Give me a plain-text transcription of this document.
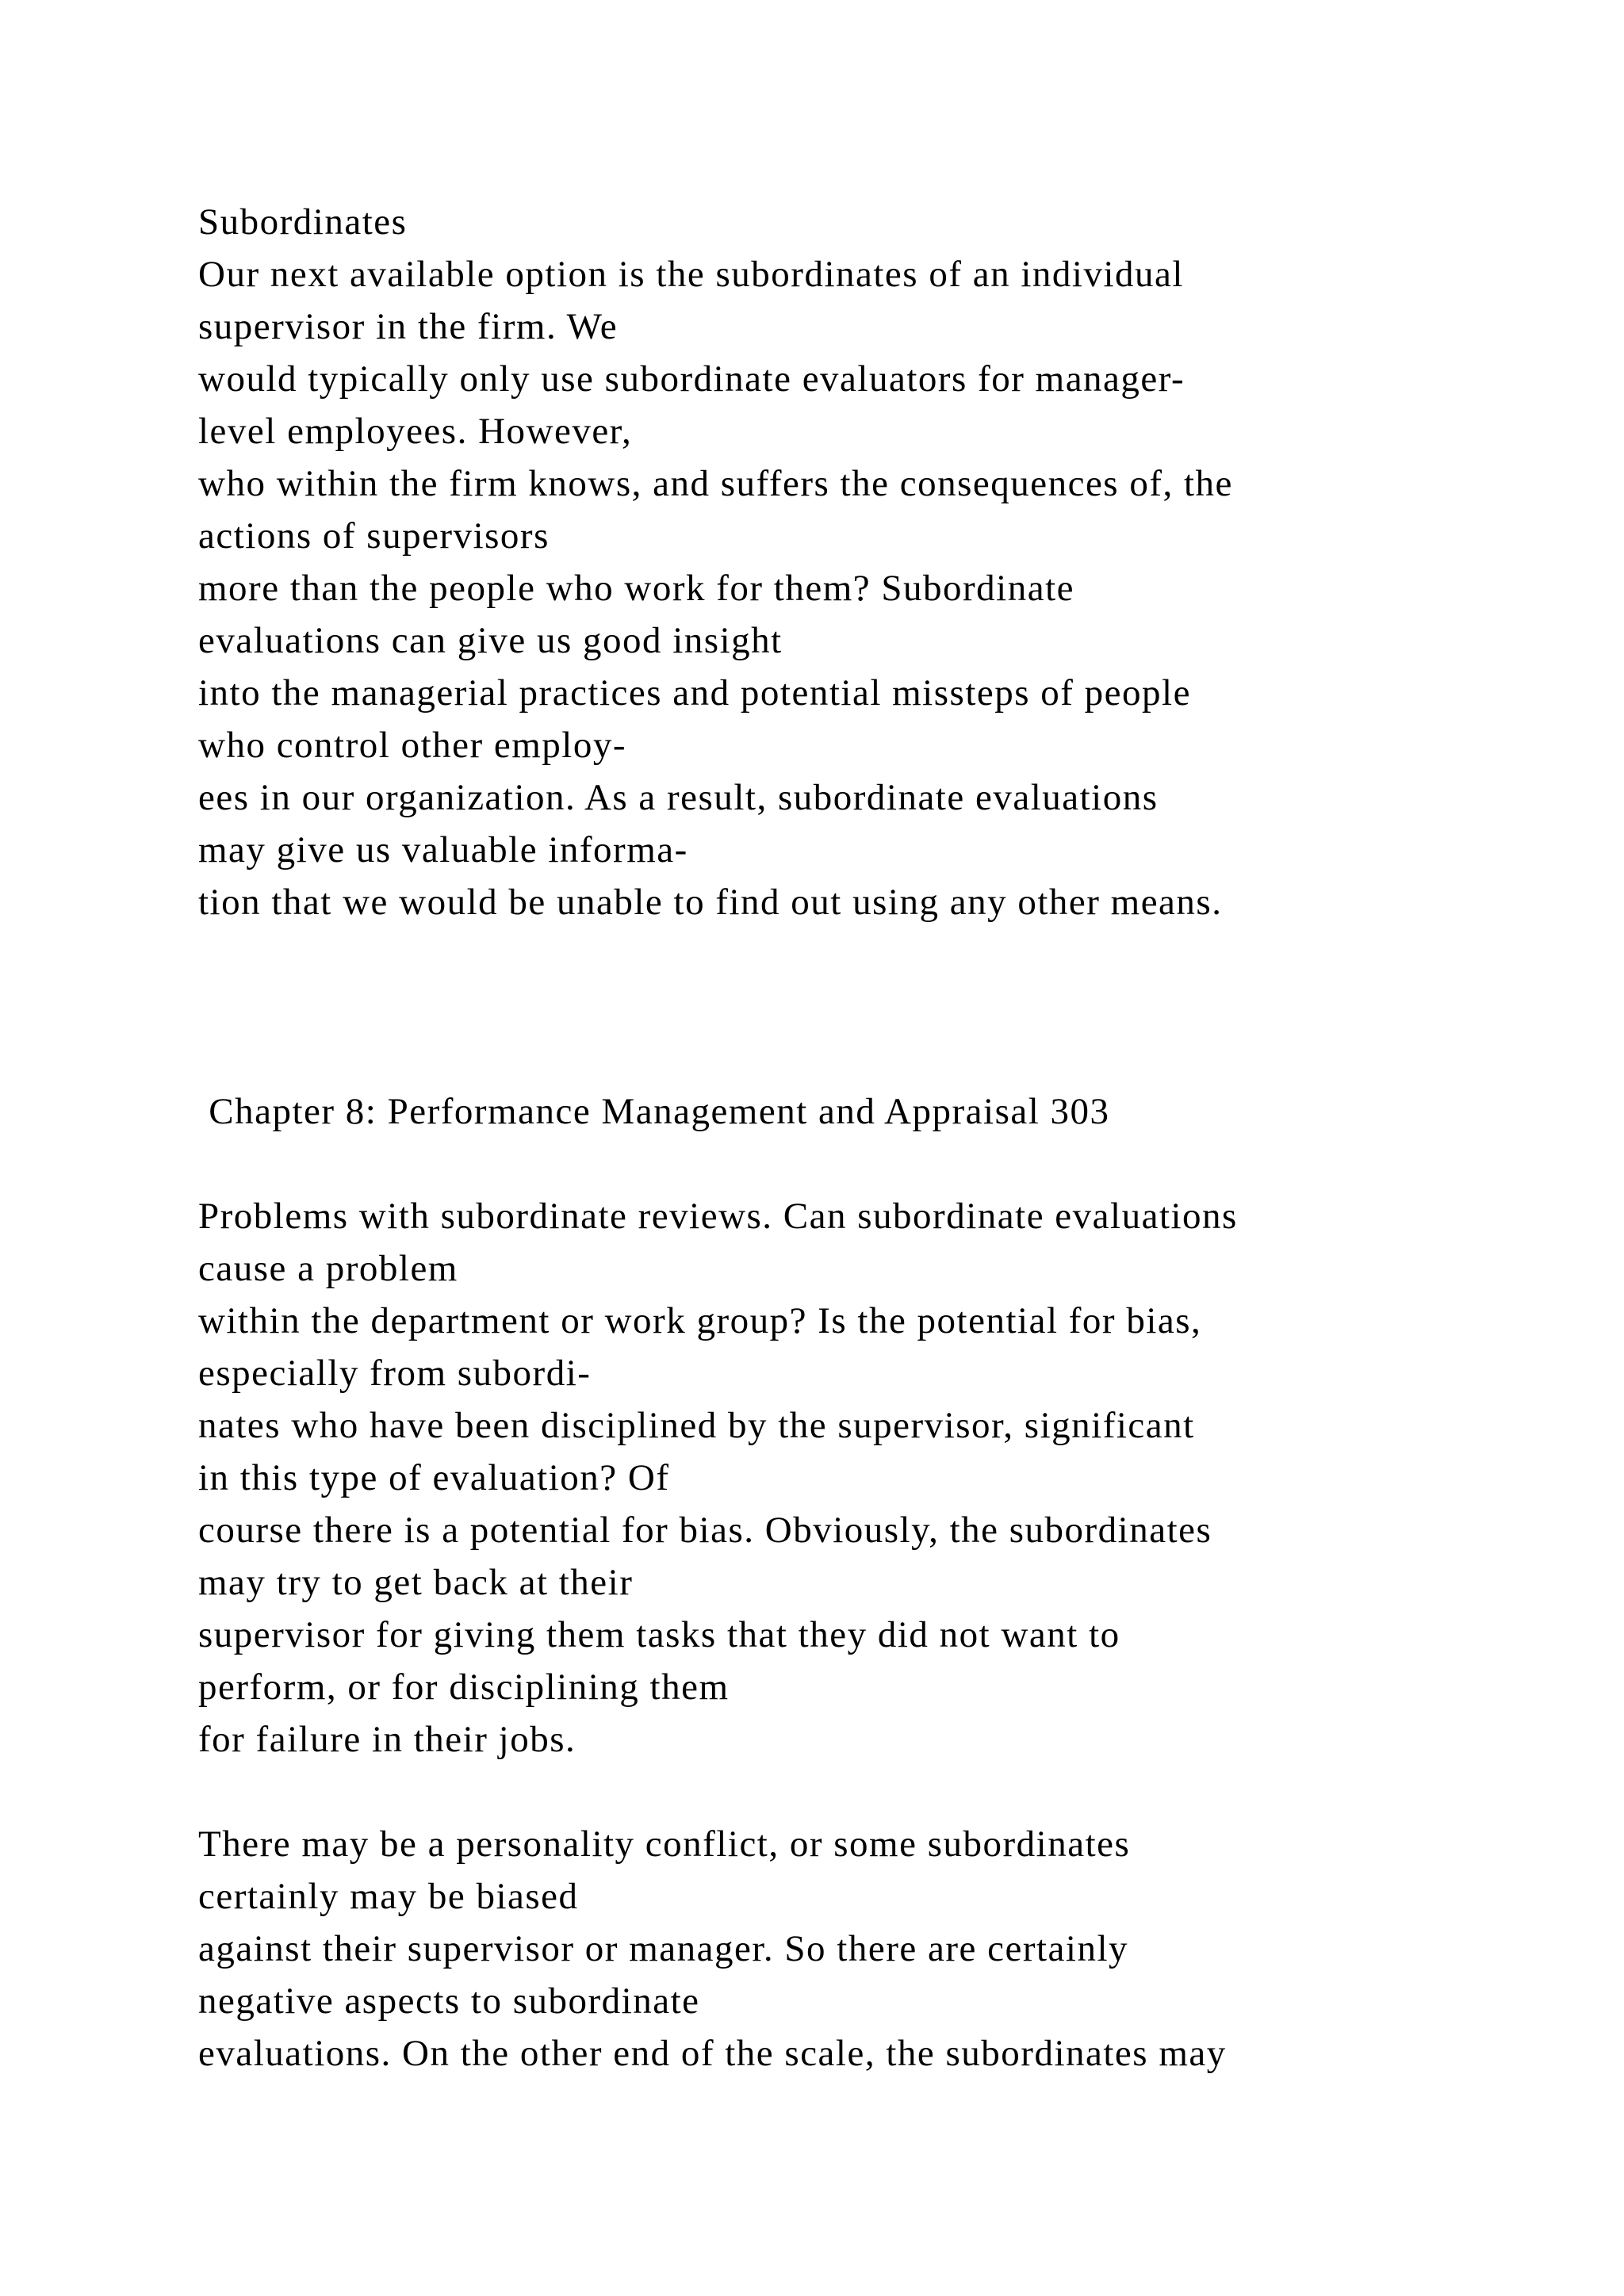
Subordinates
Our next available option is the subordinates of an individual
supervisor in the firm. We
would typically only use subordinate evaluators for manager-
level employees. However,
who within the firm knows, and suffers the consequences of, the
actions of supervisors
more than the people who work for them? Subordinate
evaluations can give us good insight
into the managerial practices and potential missteps of people
who control other employ-
ees in our organization. As a result, subordinate evaluations
may give us valuable informa-
tion that we would be unable to find out using any other means.
Chapter 8: Performance Management and Appraisal 303
Problems with subordinate reviews. Can subordinate evaluations
cause a problem
within the department or work group? Is the potential for bias,
especially from subordi-
nates who have been disciplined by the supervisor, significant
in this type of evaluation? Of
course there is a potential for bias. Obviously, the subordinates
may try to get back at their
supervisor for giving them tasks that they did not want to
perform, or for disciplining them
for failure in their jobs.
There may be a personality conflict, or some subordinates
certainly may be biased
against their supervisor or manager. So there are certainly
negative aspects to subordinate
evaluations. On the other end of the scale, the subordinates may
